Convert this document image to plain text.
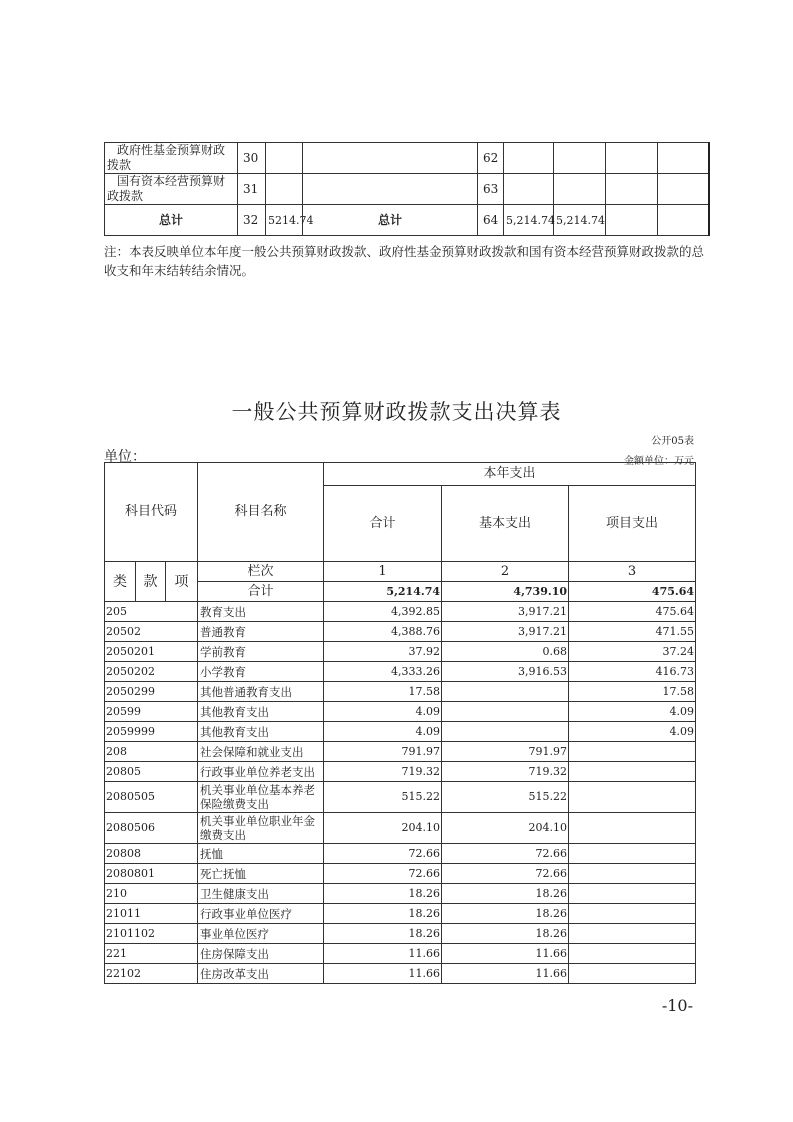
政府性基金预算财政拨款	30			62				
国有资本经营预算财政拨款	31			63				
总计	32	5214.74	总计	64	5,214.74	5,214.74		
注：本表反映单位本年度一般公共预算财政拨款、政府性基金预算财政拨款和国有资本经营预算财政拨款的总收支和年末结转结余情况。
一般公共预算财政拨款支出决算表
公开05表
单位：	金额单位：万元
科目代码			科目名称	本年支出		
				合计	基本支出	项目支出
类	款	项	栏次	1	2	3
			合计	5,214.74	4,739.10	475.64
205			教育支出	4,392.85	3,917.21	475.64
20502			普通教育	4,388.76	3,917.21	471.55
2050201			学前教育	37.92	0.68	37.24
2050202			小学教育	4,333.26	3,916.53	416.73
2050299			其他普通教育支出	17.58		17.58
20599			其他教育支出	4.09		4.09
2059999			其他教育支出	4.09		4.09
208			社会保障和就业支出	791.97	791.97	
20805			行政事业单位养老支出	719.32	719.32	
2080505			机关事业单位基本养老保险缴费支出	515.22	515.22	
2080506			机关事业单位职业年金缴费支出	204.10	204.10	
20808			抚恤	72.66	72.66	
2080801			死亡抚恤	72.66	72.66	
210			卫生健康支出	18.26	18.26	
21011			行政事业单位医疗	18.26	18.26	
2101102			事业单位医疗	18.26	18.26	
221			住房保障支出	11.66	11.66	
22102			住房改革支出	11.66	11.66	
-10-
